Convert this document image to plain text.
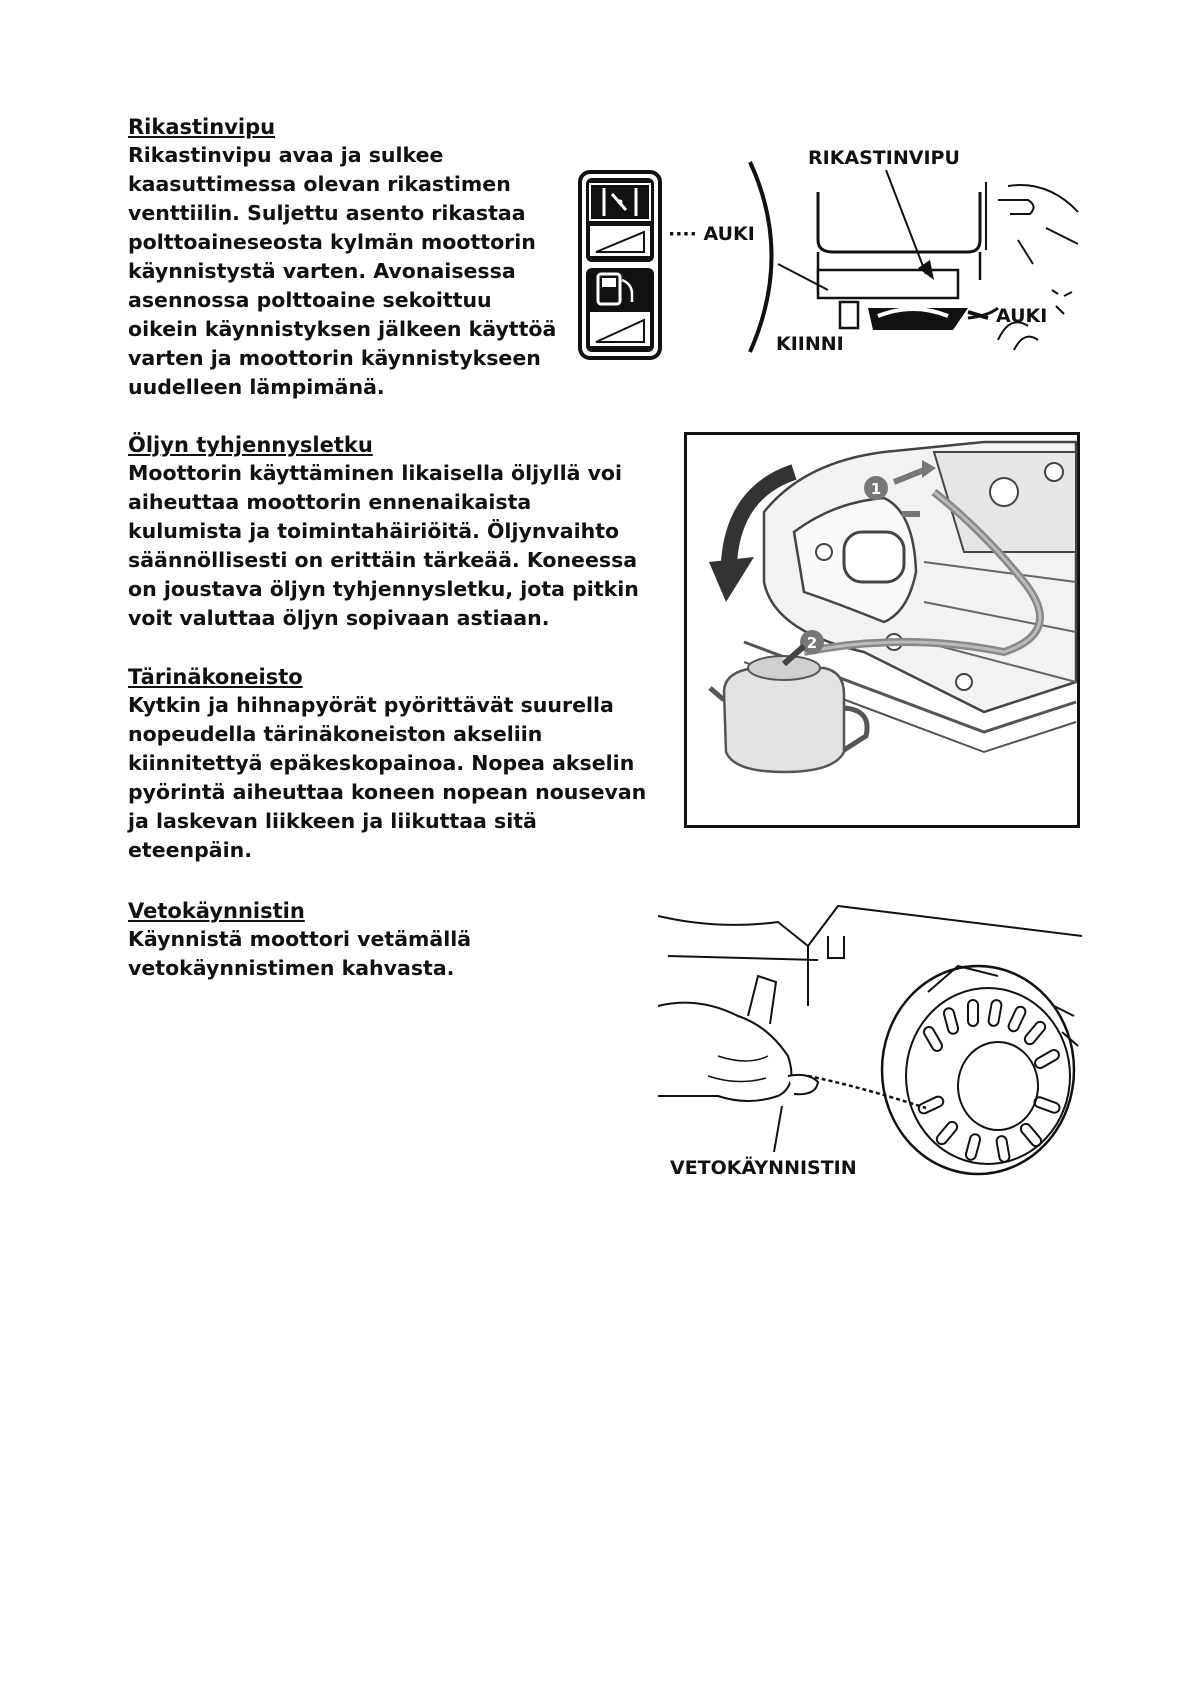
Rikastinvipu

Rikastinvipu avaa ja sulkee kaasuttimessa olevan rikastimen venttiilin. Suljettu asento rikastaa polttoaineseosta kylmän moottorin käynnistystä varten. Avonaisessa asennossa polttoaine sekoittuu oikein käynnistyksen jälkeen käyttöä varten ja moottorin käynnistykseen uudelleen lämpimänä.

RIKASTINVIPU
···· AUKI
KIINNI
AUKI

Öljyn tyhjennysletku

Moottorin käyttäminen likaisella öljyllä voi aiheuttaa moottorin ennenaikaista kulumista ja toimintahäiriöitä. Öljynvaihto säännöllisesti on erittäin tärkeää. Koneessa on joustava öljyn tyhjennysletku, jota pitkin voit valuttaa öljyn sopivaan astiaan.

1
2

Tärinäkoneisto

Kytkin ja hihnapyörät pyörittävät suurella nopeudella tärinäkoneiston akseliin kiinnitettyä epäkeskopainoa. Nopea akselin pyörintä aiheuttaa koneen nopean nousevan ja laskevan liikkeen ja liikuttaa sitä eteenpäin.

Vetokäynnistin

Käynnistä moottori vetämällä vetokäynnistimen kahvasta.

VETOKÄYNNISTIN
